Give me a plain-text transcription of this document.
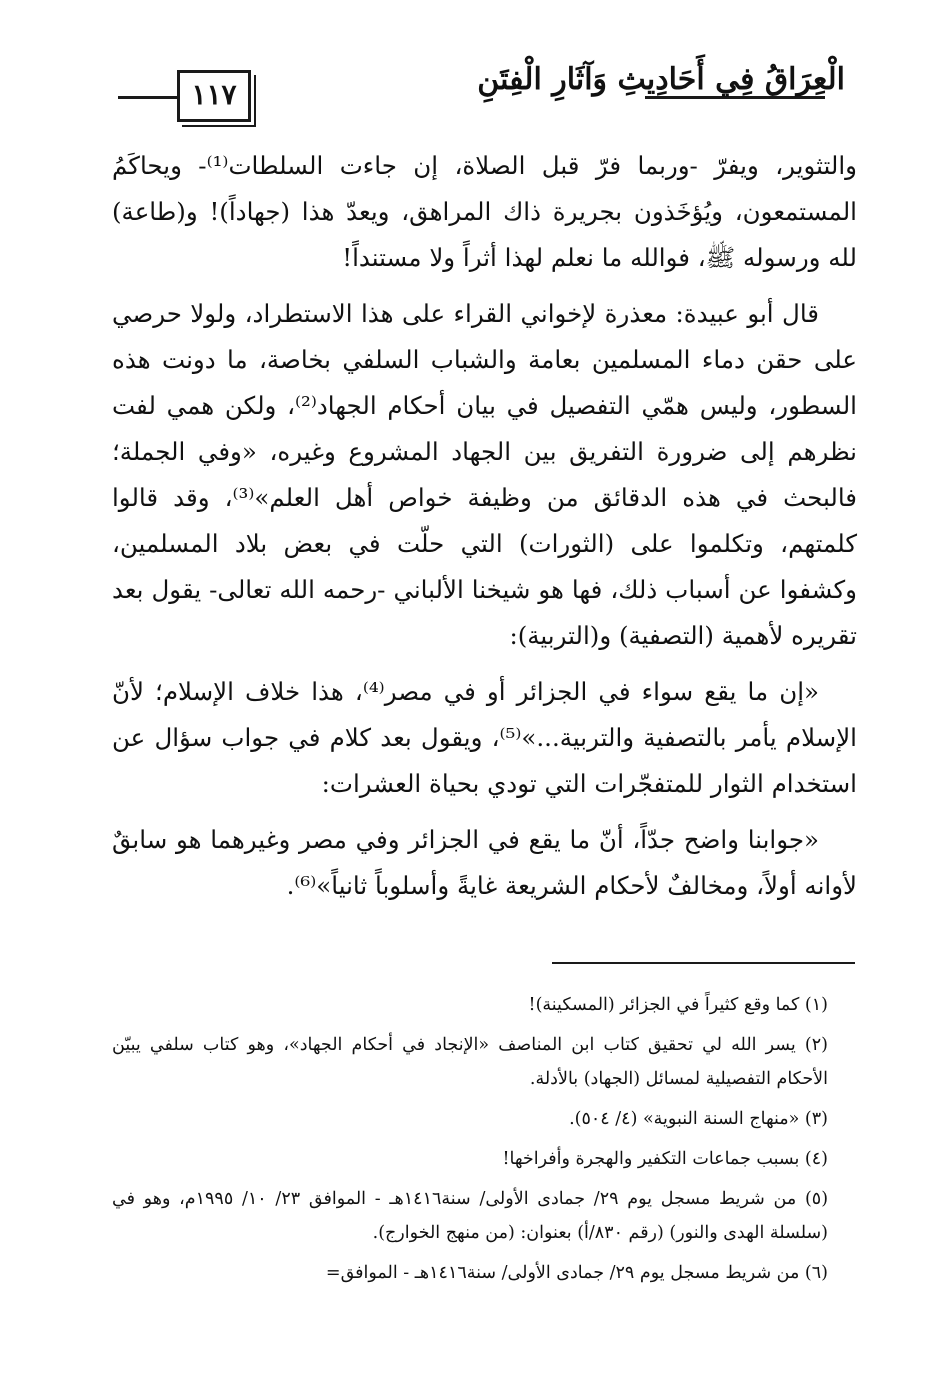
الْعِرَاقُ فِي أَحَادِيثِ وَآثَارِ الْفِتَنِ
١١٧

والتثوير، ويفرّ -وربما فرّ قبل الصلاة، إن جاءت السلطات⁽¹⁾- ويحاكَمُ المستمعون، ويُؤخَذون بجريرة ذاك المراهق، ويعدّ هذا (جهاداً)! و(طاعة) لله ورسوله ﷺ، فوالله ما نعلم لهذا أثراً ولا مستنداً!

قال أبو عبيدة: معذرة لإخواني القراء على هذا الاستطراد، ولولا حرصي على حقن دماء المسلمين بعامة والشباب السلفي بخاصة، ما دونت هذه السطور، وليس همّي التفصيل في بيان أحكام الجهاد⁽²⁾، ولكن همي لفت نظرهم إلى ضرورة التفريق بين الجهاد المشروع وغيره، «وفي الجملة؛ فالبحث في هذه الدقائق من وظيفة خواص أهل العلم»⁽³⁾، وقد قالوا كلمتهم، وتكلموا على (الثورات) التي حلّت في بعض بلاد المسلمين، وكشفوا عن أسباب ذلك، فها هو شيخنا الألباني -رحمه الله تعالى- يقول بعد تقريره لأهمية (التصفية) و(التربية):

«إن ما يقع سواء في الجزائر أو في مصر⁽⁴⁾، هذا خلاف الإسلام؛ لأنّ الإسلام يأمر بالتصفية والتربية...»⁽⁵⁾، ويقول بعد كلام في جواب سؤال عن استخدام الثوار للمتفجّرات التي تودي بحياة العشرات:

«جوابنا واضح جدّاً، أنّ ما يقع في الجزائر وفي مصر وغيرهما هو سابقٌ لأوانه أولاً، ومخالفٌ لأحكام الشريعة غايةً وأسلوباً ثانياً»⁽⁶⁾.

(١) كما وقع كثيراً في الجزائر (المسكينة)!

(٢) يسر الله لي تحقيق كتاب ابن المناصف «الإنجاد في أحكام الجهاد»، وهو كتاب سلفي يبيّن الأحكام التفصيلية لمسائل (الجهاد) بالأدلة.

(٣) «منهاج السنة النبوية» (٤/ ٥٠٤).

(٤) بسبب جماعات التكفير والهجرة وأفراخها!

(٥) من شريط مسجل يوم ٢٩/ جمادى الأولى/ سنة١٤١٦هـ - الموافق ٢٣/ ١٠/ ١٩٩٥م، وهو في (سلسلة الهدى والنور) (رقم ٨٣٠/أ) بعنوان: (من منهج الخوارج).

(٦) من شريط مسجل يوم ٢٩/ جمادى الأولى/ سنة١٤١٦هـ - الموافق=
